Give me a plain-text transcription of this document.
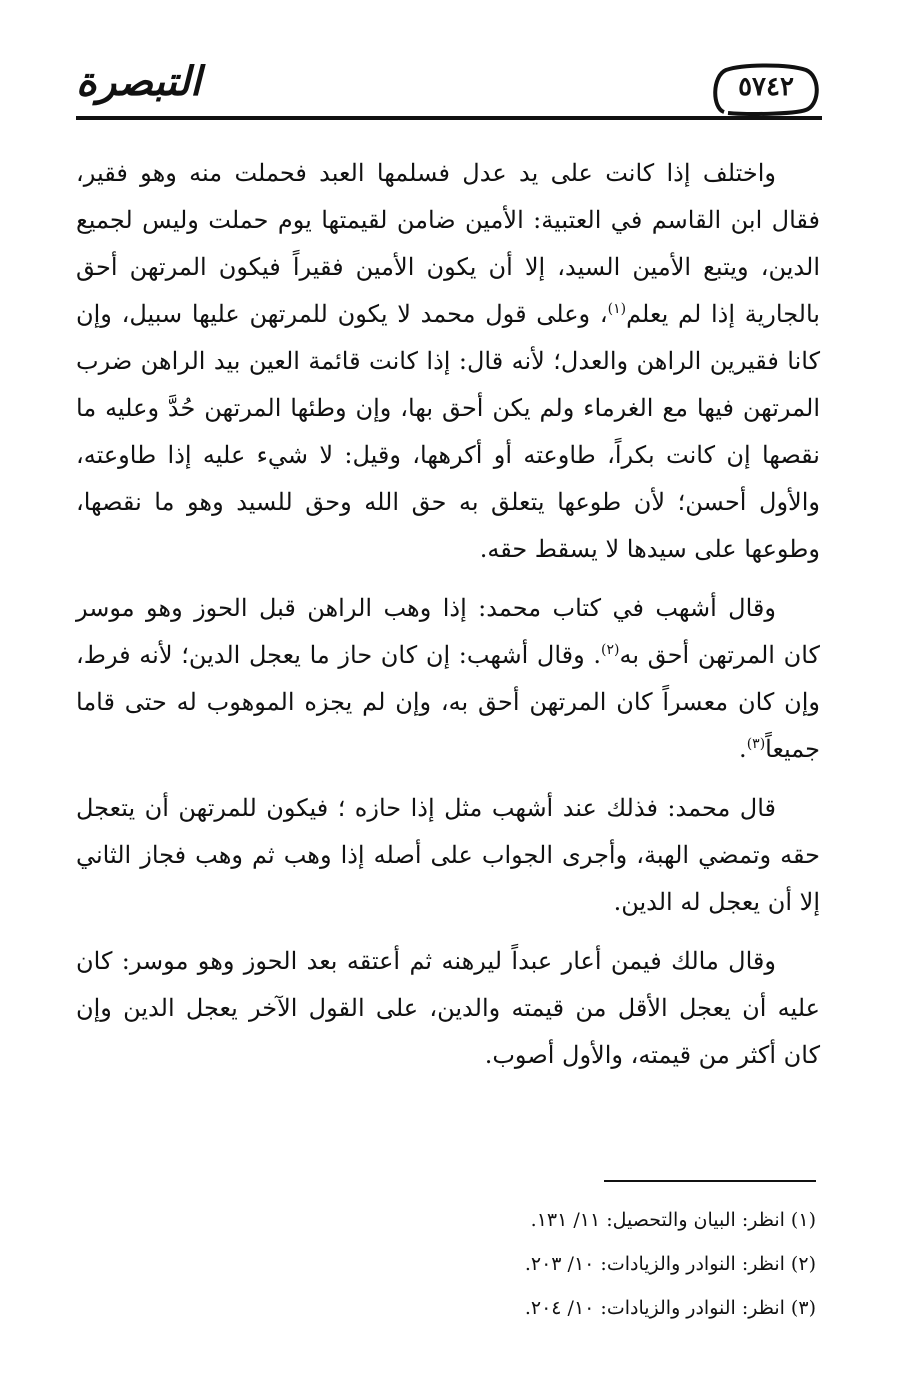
التبصرة	٥٧٤٢

واختلف إذا كانت على يد عدل فسلمها العبد فحملت منه وهو فقير، فقال ابن القاسم في العتبية: الأمين ضامن لقيمتها يوم حملت وليس لجميع الدين، ويتبع الأمين السيد، إلا أن يكون الأمين فقيراً فيكون المرتهن أحق بالجارية إذا لم يعلم$^{(١)}$، وعلى قول محمد لا يكون للمرتهن عليها سبيل، وإن كانا فقيرين الراهن والعدل؛ لأنه قال: إذا كانت قائمة العين بيد الراهن ضرب المرتهن فيها مع الغرماء ولم يكن أحق بها، وإن وطئها المرتهن حُدَّ وعليه ما نقصها إن كانت بكراً، طاوعته أو أكرهها، وقيل: لا شيء عليه إذا طاوعته، والأول أحسن؛ لأن طوعها يتعلق به حق الله وحق للسيد وهو ما نقصها، وطوعها على سيدها لا يسقط حقه.

وقال أشهب في كتاب محمد: إذا وهب الراهن قبل الحوز وهو موسر كان المرتهن أحق به$^{(٢)}$. وقال أشهب: إن كان حاز ما يعجل الدين؛ لأنه فرط، وإن كان معسراً كان المرتهن أحق به، وإن لم يجزه الموهوب له حتى قاما جميعاً$^{(٣)}$.

قال محمد: فذلك عند أشهب مثل إذا حازه ؛ فيكون للمرتهن أن يتعجل حقه وتمضي الهبة، وأجرى الجواب على أصله إذا وهب ثم وهب فجاز الثاني إلا أن يعجل له الدين.

وقال مالك فيمن أعار عبداً ليرهنه ثم أعتقه بعد الحوز وهو موسر: كان عليه أن يعجل الأقل من قيمته والدين، على القول الآخر يعجل الدين وإن كان أكثر من قيمته، والأول أصوب.

(١) انظر: البيان والتحصيل: ١١/ ١٣١.

(٢) انظر: النوادر والزيادات: ١٠/ ٢٠٣.

(٣) انظر: النوادر والزيادات: ١٠/ ٢٠٤.
